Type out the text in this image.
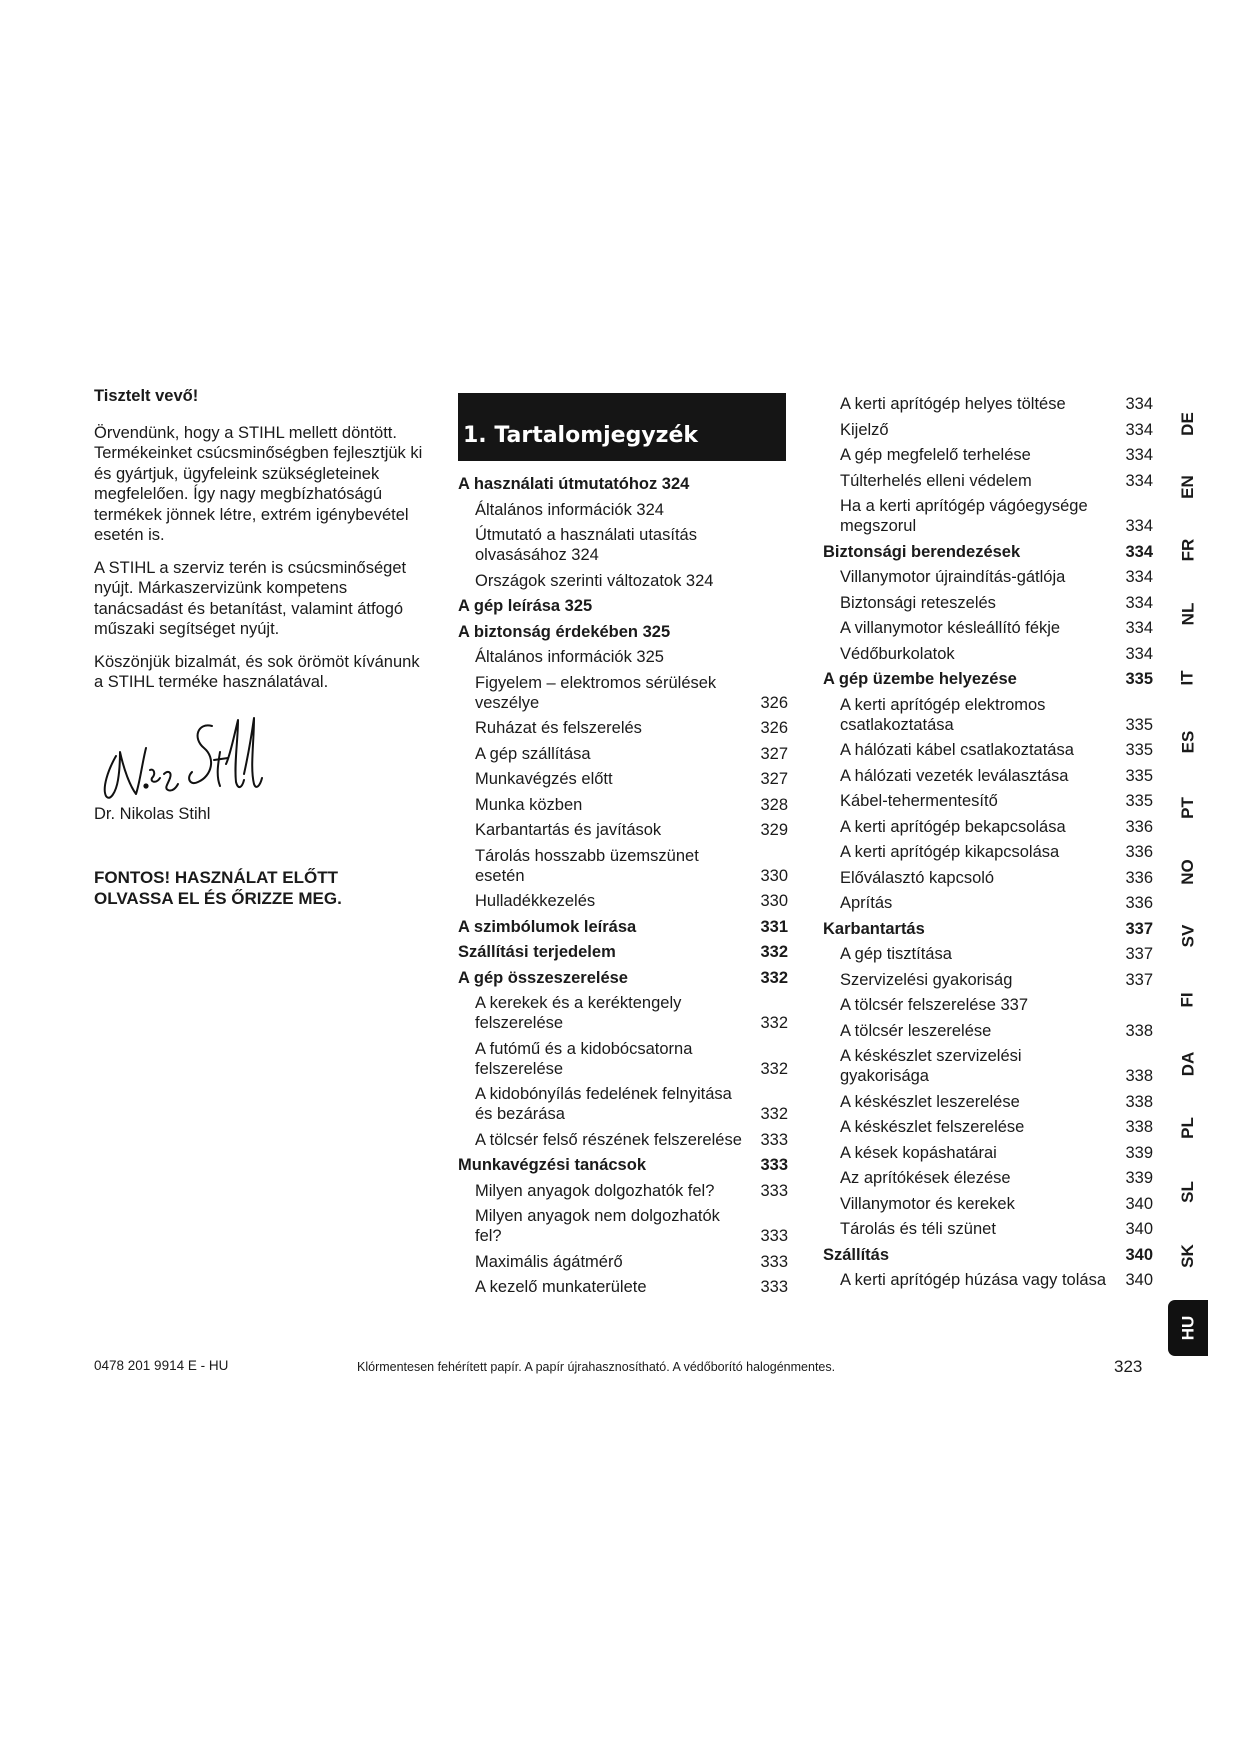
Tisztelt vevő!

Örvendünk, hogy a STIHL mellett döntött. Termékeinket csúcsminőségben fejlesztjük ki és gyártjuk, ügyfeleink szükségleteinek megfelelően. Így nagy megbízhatóságú termékek jönnek létre, extrém igénybevétel esetén is.

A STIHL a szerviz terén is csúcsminőséget nyújt. Márkaszervizünk kompetens tanácsadást és betanítást, valamint átfogó műszaki segítséget nyújt.

Köszönjük bizalmát, és sok örömöt kívánunk a STIHL terméke használatával.

Dr. Nikolas Stihl
FONTOS! HASZNÁLAT ELŐTT OLVASSA EL ÉS ŐRIZZE MEG.
1. Tartalomjegyzék
A használati útmutatóhoz 324
Általános információk 324
Útmutató a használati utasítás olvasásához 324
Országok szerinti változatok 324
A gép leírása 325
A biztonság érdekében 325
Általános információk 325
Figyelem – elektromos sérülések veszélye	326
Ruházat és felszerelés	326
A gép szállítása	327
Munkavégzés előtt	327
Munka közben	328
Karbantartás és javítások	329
Tárolás hosszabb üzemszünet esetén	330
Hulladékkezelés	330
A szimbólumok leírása	331
Szállítási terjedelem	332
A gép összeszerelése	332
A kerekek és a keréktengely felszerelése	332
A futómű és a kidobócsatorna felszerelése	332
A kidobónyílás fedelének felnyitása és bezárása	332
A tölcsér felső részének felszerelése	333
Munkavégzési tanácsok	333
Milyen anyagok dolgozhatók fel?	333
Milyen anyagok nem dolgozhatók fel?	333
Maximális ágátmérő	333
A kezelő munkaterülete	333
A kerti aprítógép helyes töltése	334
Kijelző	334
A gép megfelelő terhelése	334
Túlterhelés elleni védelem	334
Ha a kerti aprítógép vágóegysége megszorul	334
Biztonsági berendezések	334
Villanymotor újraindítás-gátlója	334
Biztonsági reteszelés	334
A villanymotor késleállító fékje	334
Védőburkolatok	334
A gép üzembe helyezése	335
A kerti aprítógép elektromos csatlakoztatása	335
A hálózati kábel csatlakoztatása	335
A hálózati vezeték leválasztása	335
Kábel-tehermentesítő	335
A kerti aprítógép bekapcsolása	336
A kerti aprítógép kikapcsolása	336
Előválasztó kapcsoló	336
Aprítás	336
Karbantartás	337
A gép tisztítása	337
Szervizelési gyakoriság	337
A tölcsér felszerelése 337
A tölcsér leszerelése	338
A késkészlet szervizelési gyakorisága	338
A késkészlet leszerelése	338
A késkészlet felszerelése	338
A kések kopáshatárai	339
Az aprítókések élezése	339
Villanymotor és kerekek	340
Tárolás és téli szünet	340
Szállítás	340
A kerti aprítógép húzása vagy tolása	340
DE
EN
FR
NL
IT
ES
PT
NO
SV
FI
DA
PL
SL
SK
HU
0478 201 9914 E - HU	Klórmentesen fehérített papír. A papír újrahasznosítható. A védőborító halogénmentes.	323
